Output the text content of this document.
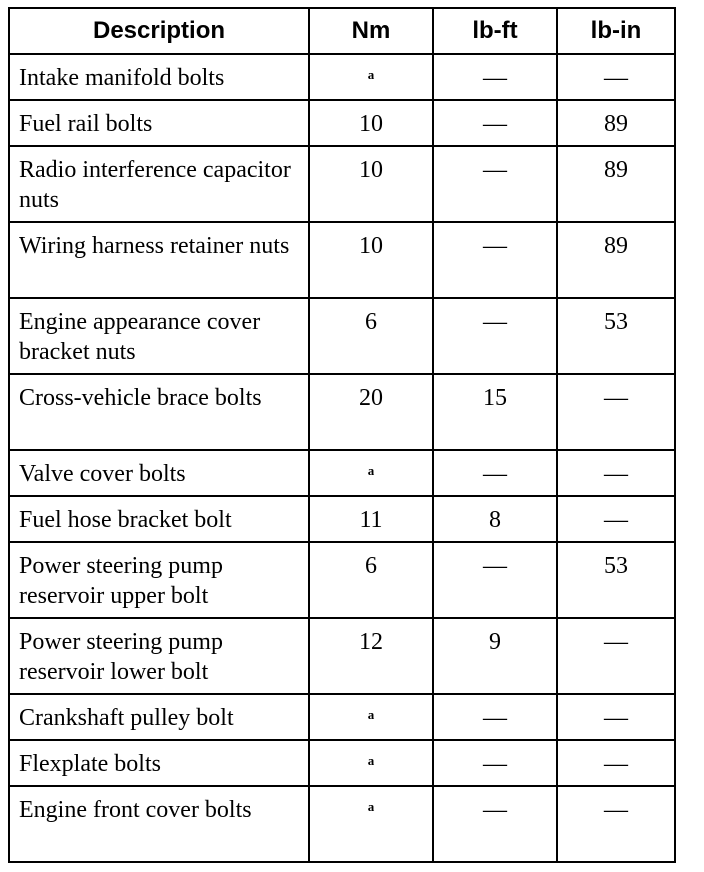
Description	Nm	lb-ft	lb-in
Intake manifold bolts	$^a$	—	—
Fuel rail bolts	10	—	89
Radio interference capacitor nuts	10	—	89
Wiring harness retainer nuts	10	—	89
Engine appearance cover bracket nuts	6	—	53
Cross-vehicle brace bolts	20	15	—
Valve cover bolts	$^a$	—	—
Fuel hose bracket bolt	11	8	—
Power steering pump reservoir upper bolt	6	—	53
Power steering pump reservoir lower bolt	12	9	—
Crankshaft pulley bolt	$^a$	—	—
Flexplate bolts	$^a$	—	—
Engine front cover bolts	$^a$	—	—
